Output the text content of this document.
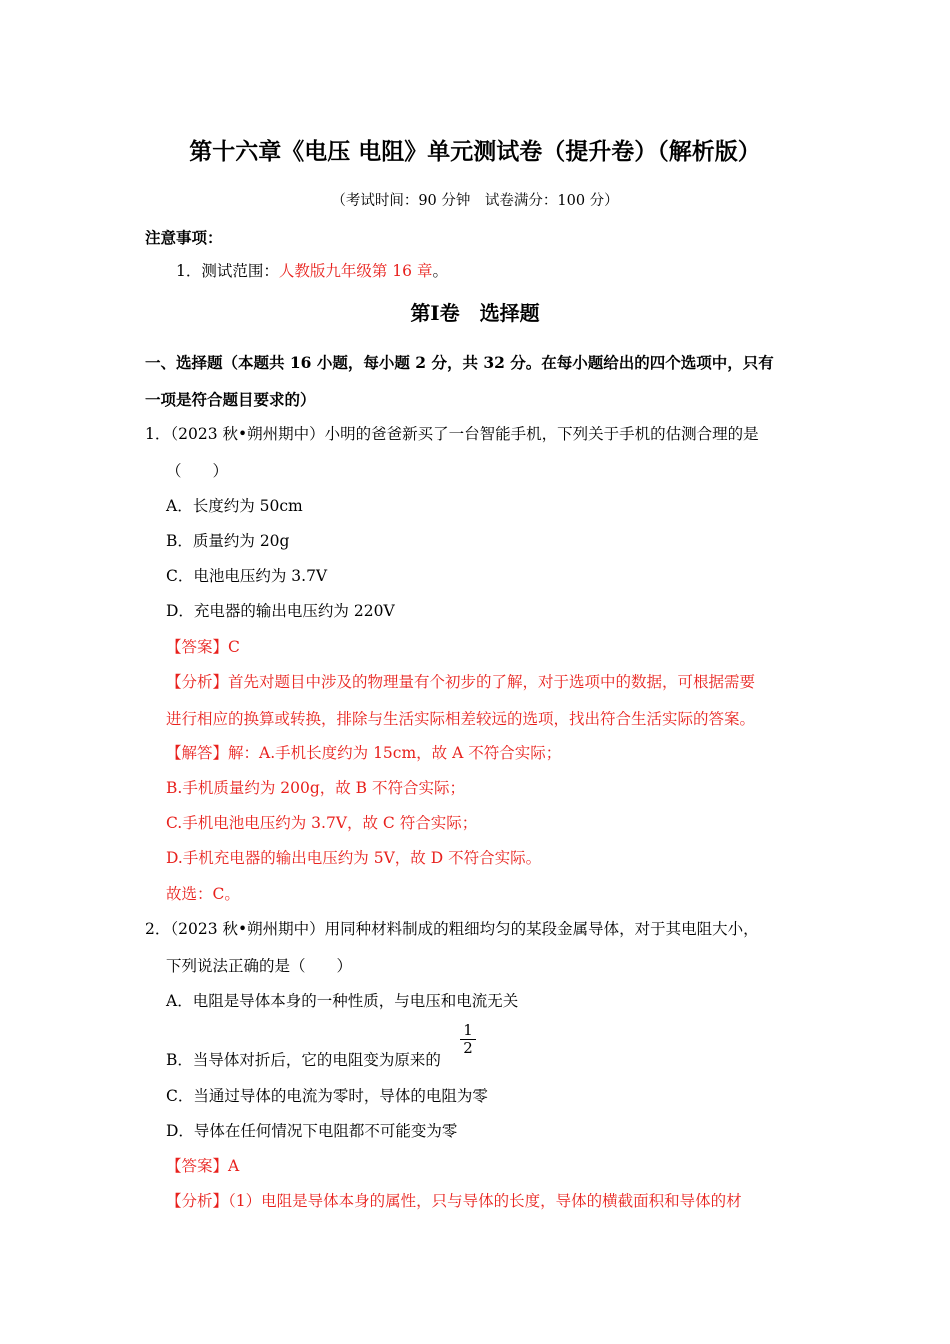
第十六章《电压 电阻》单元测试卷（提升卷）（解析版）
（考试时间：90 分钟　试卷满分：100 分）
注意事项：
1．测试范围：人教版九年级第 16 章。
第Ⅰ卷　选择题
一、选择题（本题共 16 小题，每小题 2 分，共 32 分。在每小题给出的四个选项中，只有
一项是符合题目要求的）
1．（2023 秋•朔州期中）小明的爸爸新买了一台智能手机，下列关于手机的估测合理的是
（　　）
A．长度约为 50cm
B．质量约为 20g
C．电池电压约为 3.7V
D．充电器的输出电压约为 220V
【答案】C
【分析】首先对题目中涉及的物理量有个初步的了解，对于选项中的数据，可根据需要
进行相应的换算或转换，排除与生活实际相差较远的选项，找出符合生活实际的答案。
【解答】解：A.手机长度约为 15cm，故 A 不符合实际；
B.手机质量约为 200g，故 B 不符合实际；
C.手机电池电压约为 3.7V，故 C 符合实际；
D.手机充电器的输出电压约为 5V，故 D 不符合实际。
故选：C。
2．（2023 秋•朔州期中）用同种材料制成的粗细均匀的某段金属导体，对于其电阻大小，
下列说法正确的是（　　）
A．电阻是导体本身的一种性质，与电压和电流无关
B．当导体对折后，它的电阻变为原来的
$\frac{1}{2}$
C．当通过导体的电流为零时，导体的电阻为零
D．导体在任何情况下电阻都不可能变为零
【答案】A
【分析】（1）电阻是导体本身的属性，只与导体的长度，导体的横截面积和导体的材
